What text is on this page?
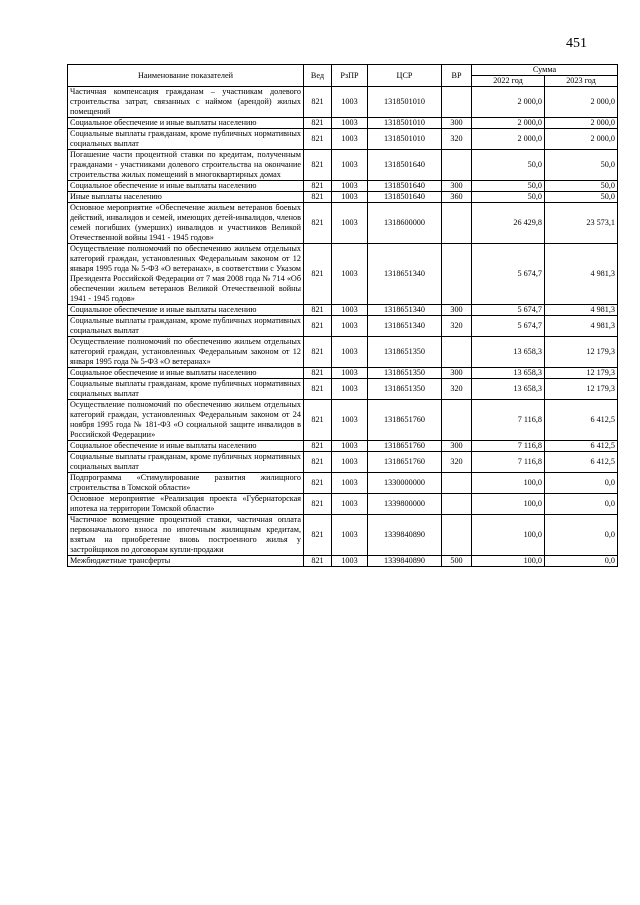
451
Наименование показателей	Вед	РзПР	ЦСР	ВР	Сумма	
					2022 год	2023 год
Частичная компенсация гражданам – участникам долевого строительства затрат, связанных с наймом (арендой) жилых помещений	821	1003	1318501010		2 000,0	2 000,0
Социальное обеспечение и иные выплаты населению	821	1003	1318501010	300	2 000,0	2 000,0
Социальные выплаты гражданам, кроме публичных нормативных социальных выплат	821	1003	1318501010	320	2 000,0	2 000,0
Погашение части процентной ставки по кредитам, полученным гражданами - участниками долевого строительства на окончание строительства жилых помещений в многоквартирных домах	821	1003	1318501640		50,0	50,0
Социальное обеспечение и иные выплаты населению	821	1003	1318501640	300	50,0	50,0
Иные выплаты населению	821	1003	1318501640	360	50,0	50,0
Основное мероприятие «Обеспечение жильем ветеранов боевых действий, инвалидов и семей, имеющих детей-инвалидов, членов семей погибших (умерших) инвалидов и участников Великой Отечественной войны 1941 - 1945 годов»	821	1003	1318600000		26 429,8	23 573,1
Осуществление полномочий по обеспечению жильем отдельных категорий граждан, установленных Федеральным законом от 12 января 1995 года № 5-ФЗ «О ветеранах», в соответствии с Указом Президента Российской Федерации от 7 мая 2008 года № 714 «Об обеспечении жильем ветеранов Великой Отечественной войны 1941 - 1945 годов»	821	1003	1318651340		5 674,7	4 981,3
Социальное обеспечение и иные выплаты населению	821	1003	1318651340	300	5 674,7	4 981,3
Социальные выплаты гражданам, кроме публичных нормативных социальных выплат	821	1003	1318651340	320	5 674,7	4 981,3
Осуществление полномочий по обеспечению жильем отдельных категорий граждан, установленных Федеральным законом от 12 января 1995 года № 5-ФЗ «О ветеранах»	821	1003	1318651350		13 658,3	12 179,3
Социальное обеспечение и иные выплаты населению	821	1003	1318651350	300	13 658,3	12 179,3
Социальные выплаты гражданам, кроме публичных нормативных социальных выплат	821	1003	1318651350	320	13 658,3	12 179,3
Осуществление полномочий по обеспечению жильем отдельных категорий граждан, установленных Федеральным законом от 24 ноября 1995 года № 181-ФЗ «О социальной защите инвалидов в Российской Федерации»	821	1003	1318651760		7 116,8	6 412,5
Социальное обеспечение и иные выплаты населению	821	1003	1318651760	300	7 116,8	6 412,5
Социальные выплаты гражданам, кроме публичных нормативных социальных выплат	821	1003	1318651760	320	7 116,8	6 412,5
Подпрограмма «Стимулирование развития жилищного строительства в Томской области»	821	1003	1330000000		100,0	0,0
Основное мероприятие «Реализация проекта «Губернаторская ипотека на территории Томской области»	821	1003	1339800000		100,0	0,0
Частичное возмещение процентной ставки, частичная оплата первоначального взноса по ипотечным жилищным кредитам, взятым на приобретение вновь построенного жилья у застройщиков по договорам купли-продажи	821	1003	1339840890		100,0	0,0
Межбюджетные трансферты	821	1003	1339840890	500	100,0	0,0
